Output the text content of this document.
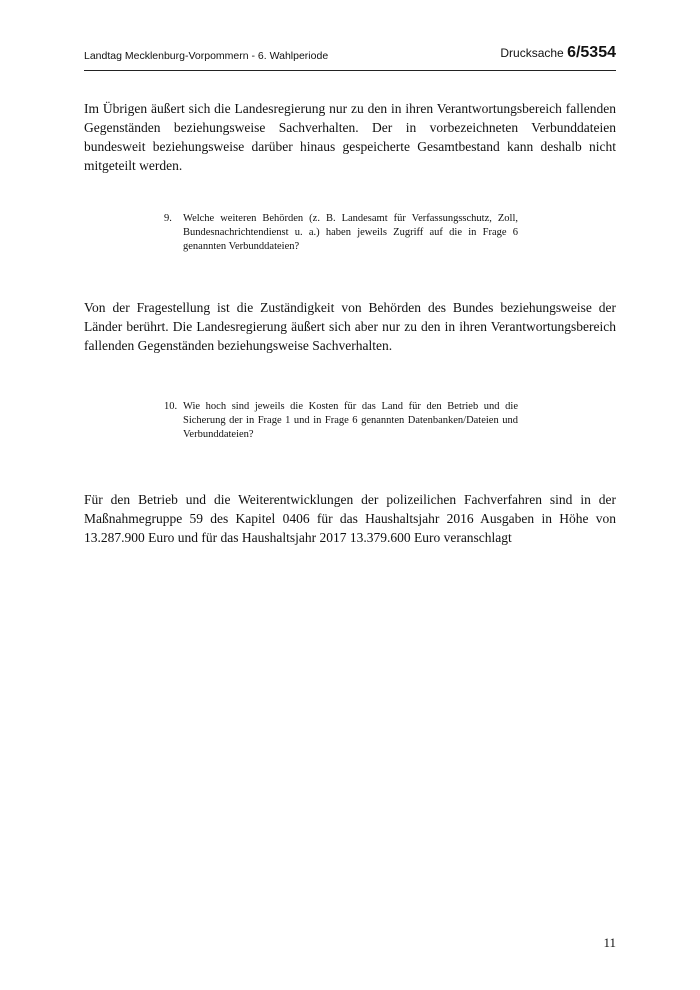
Landtag Mecklenburg-Vorpommern - 6. Wahlperiode	Drucksache 6/5354

Im Übrigen äußert sich die Landesregierung nur zu den in ihren Verantwortungsbereich fallenden Gegenständen beziehungsweise Sachverhalten. Der in vorbezeichneten Verbunddateien bundesweit beziehungsweise darüber hinaus gespeicherte Gesamtbestand kann deshalb nicht mitgeteilt werden.

9. Welche weiteren Behörden (z. B. Landesamt für Verfassungsschutz, Zoll, Bundesnachrichtendienst u. a.) haben jeweils Zugriff auf die in Frage 6 genannten Verbunddateien?

Von der Fragestellung ist die Zuständigkeit von Behörden des Bundes beziehungsweise der Länder berührt. Die Landesregierung äußert sich aber nur zu den in ihren Verantwortungsbereich fallenden Gegenständen beziehungsweise Sachverhalten.

10. Wie hoch sind jeweils die Kosten für das Land für den Betrieb und die Sicherung der in Frage 1 und in Frage 6 genannten Datenbanken/Dateien und Verbunddateien?

Für den Betrieb und die Weiterentwicklungen der polizeilichen Fachverfahren sind in der Maßnahmegruppe 59 des Kapitel 0406 für das Haushaltsjahr 2016 Ausgaben in Höhe von 13.287.900 Euro und für das Haushaltsjahr 2017 13.379.600 Euro veranschlagt

11
